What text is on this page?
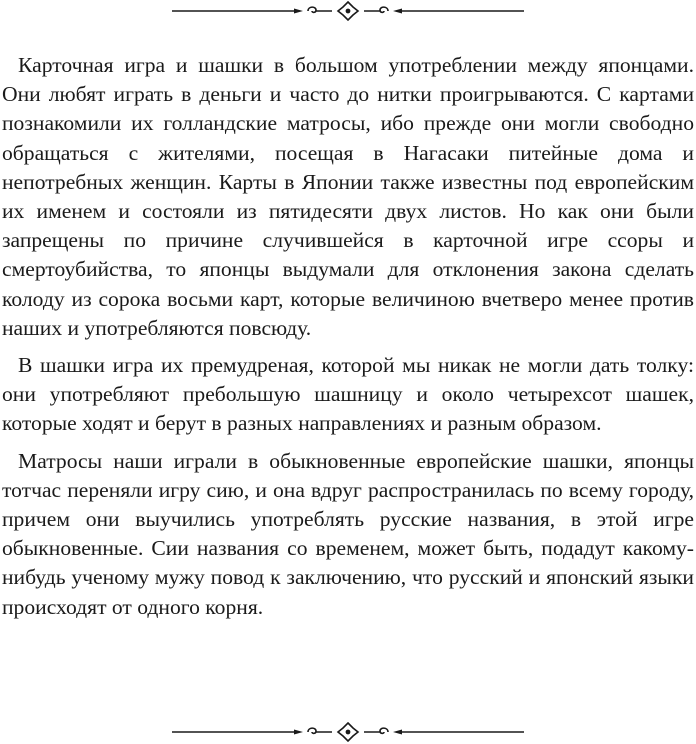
Карточная игра и шашки в большом употреблении между японцами. Они любят играть в деньги и часто до нитки проигрываются. С картами познакомили их голландские матросы, ибо прежде они могли свободно обращаться с жителями, посещая в Нагасаки питейные дома и непотребных женщин. Карты в Японии также известны под европейским их именем и состояли из пятидесяти двух листов. Но как они были запрещены по причине случившейся в карточной игре ссоры и смертоубийства, то японцы выдумали для отклонения закона сделать колоду из сорока восьми карт, которые величиною вчетверо менее против наших и употребляются повсюду.

В шашки игра их премудреная, которой мы никак не могли дать толку: они употребляют пребольшую шашницу и около четырехсот шашек, которые ходят и берут в разных направлениях и разным образом.

Матросы наши играли в обыкновенные европейские шашки, японцы тотчас переняли игру сию, и она вдруг распространилась по всему городу, причем они выучились употреблять русские названия, в этой игре обыкновенные. Сии названия со временем, может быть, подадут какому-нибудь ученому мужу повод к заключению, что русский и японский языки происходят от одного корня.
